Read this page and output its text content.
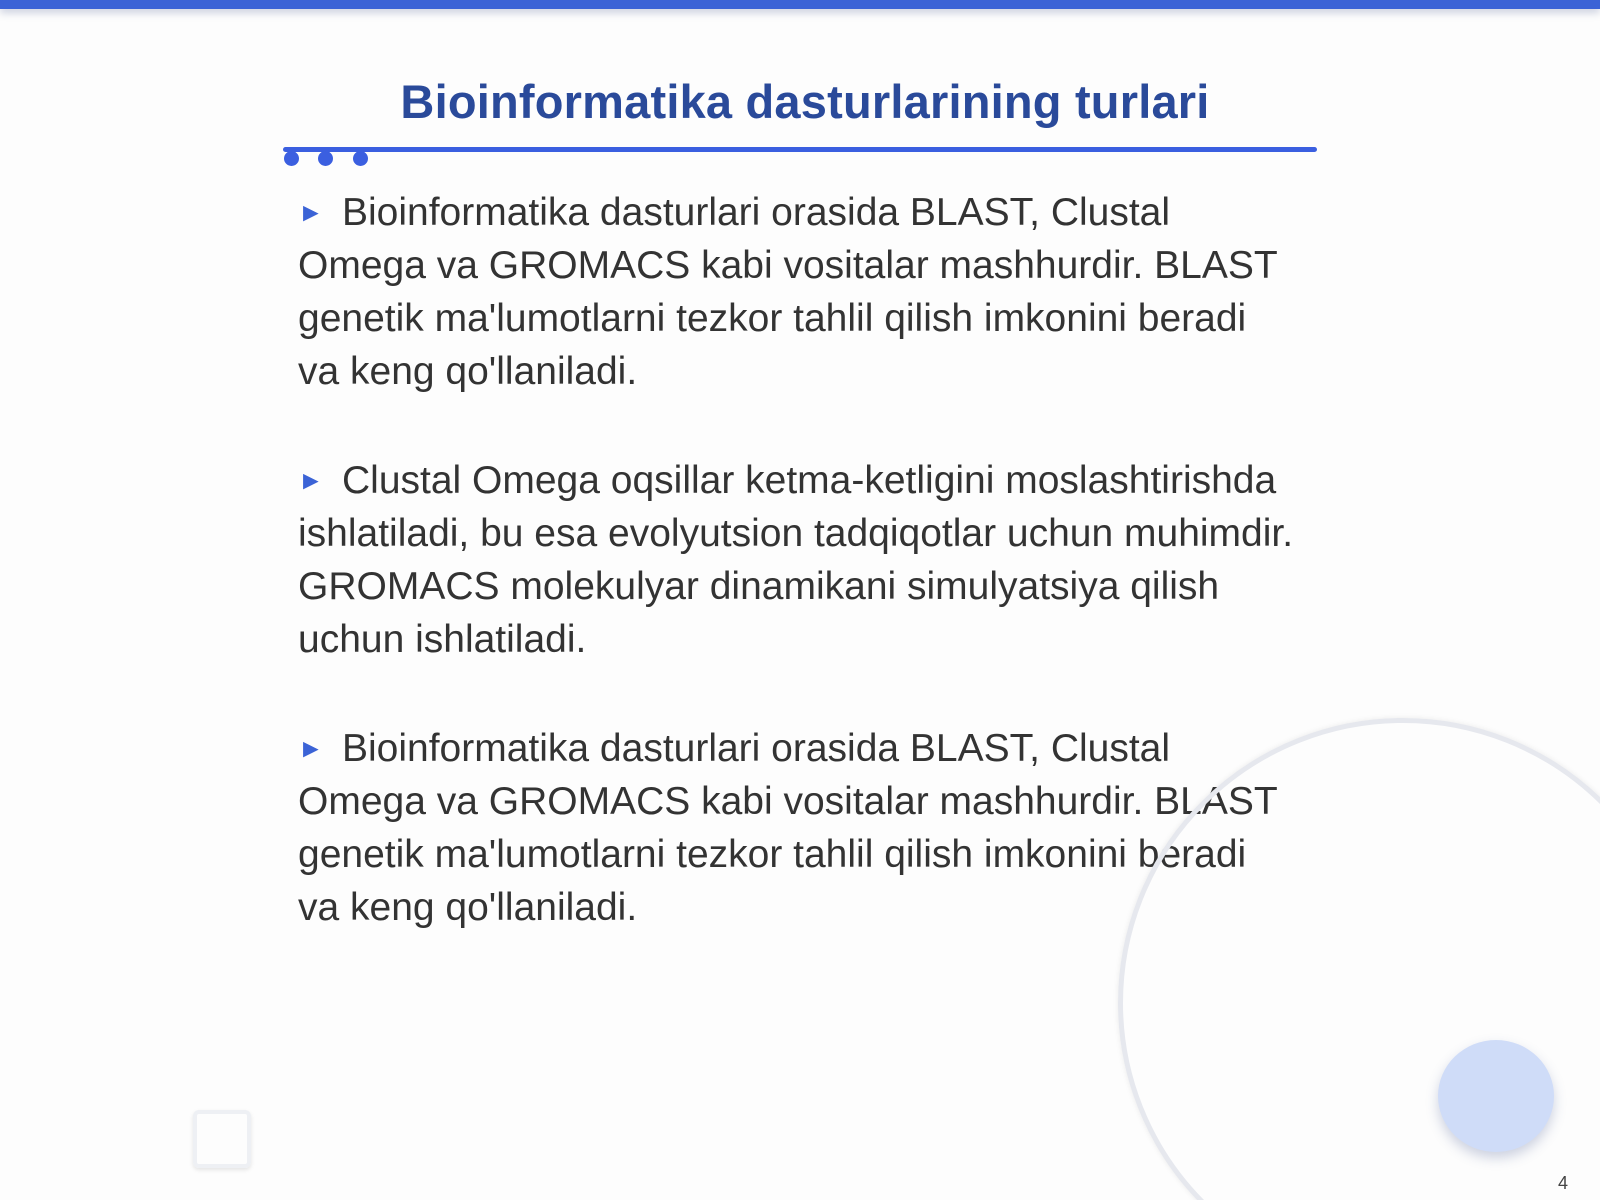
Bioinformatika dasturlarining turlari

► Bioinformatika dasturlari orasida BLAST, Clustal Omega va GROMACS kabi vositalar mashhurdir. BLAST genetik ma'lumotlarni tezkor tahlil qilish imkonini beradi va keng qo'llaniladi.

► Clustal Omega oqsillar ketma-ketligini moslashtirishda ishlatiladi, bu esa evolyutsion tadqiqotlar uchun muhimdir. GROMACS molekulyar dinamikani simulyatsiya qilish uchun ishlatiladi.

► Bioinformatika dasturlari orasida BLAST, Clustal Omega va GROMACS kabi vositalar mashhurdir. BLAST genetik ma'lumotlarni tezkor tahlil qilish imkonini beradi va keng qo'llaniladi.

4
